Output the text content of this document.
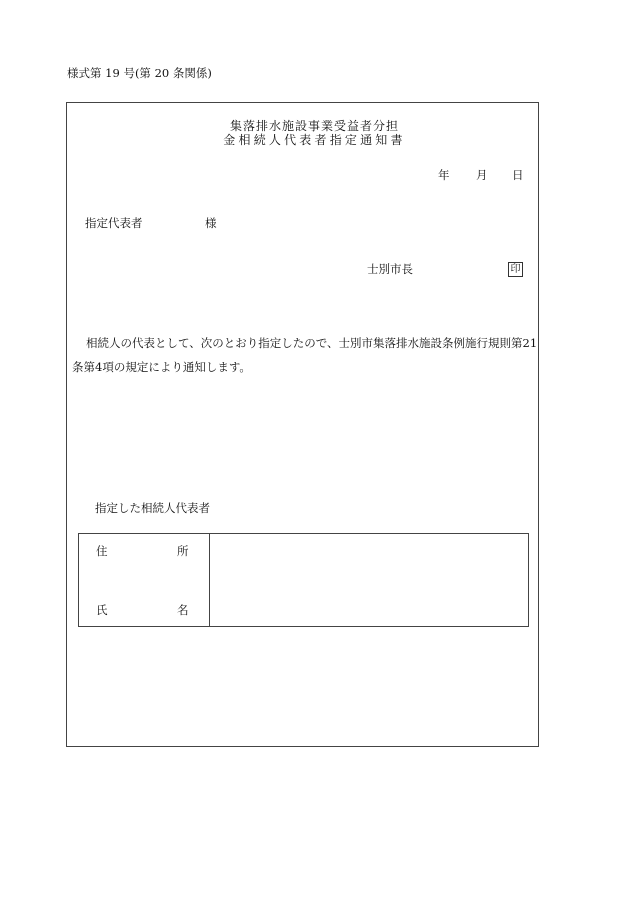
様式第 19 号(第 20 条関係)
集落排水施設事業受益者分担
金相続人代表者指定通知書
年 月 日
指定代表者	様
士別市長	印
相続人の代表として、次のとおり指定したので、士別市集落排水施設条例施行規則第21条第4項の規定により通知します。
指定した相続人代表者
住	所
氏	名
